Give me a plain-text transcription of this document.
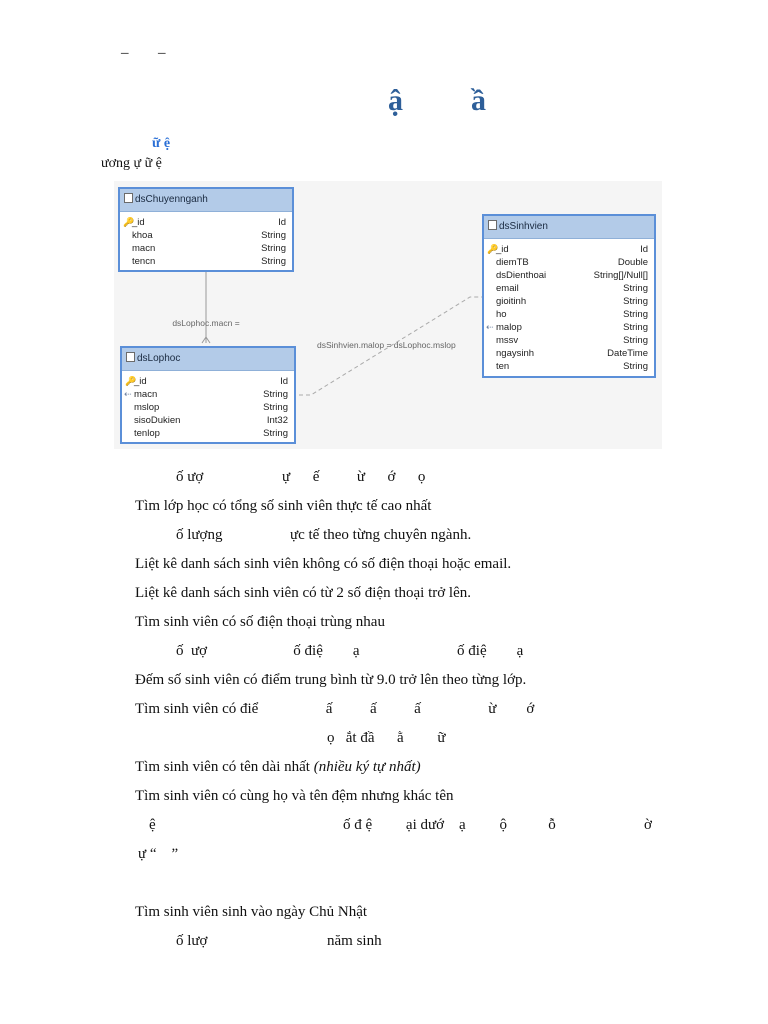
– –
ậ ầ
ữ ệ
ương ự ữ ệ

dsLophoc.macn =

dsSinhvien.malop = dsLophoc.mslop
dsChuyennganh
🔑
_id	Id
khoa	String
macn	String
tencn	String
dsLophoc
🔑
_id	Id
⇠ macn	String
mslop	String
sisoDukien	Int32
tenlop	String
dsSinhvien
🔑
_id	Id
diemTB	Double
dsDienthoai	String[]/Null[]
email	String
gioitinh	String
ho	String
⇠ malop	String
mssv	String
ngaysinh	DateTime
ten	String
ố ượ                     ự      ế          ừ      ớ      ọ
Tìm lớp học có tổng số sinh viên thực tế cao nhất
ố lượng                  ực tế theo từng chuyên ngành.
Liệt kê danh sách sinh viên không có số điện thoại hoặc email.
Liệt kê danh sách sinh viên có từ 2 số điện thoại trở lên.
Tìm sinh viên có số điện thoại trùng nhau
ố  ượ                       ố điệ        ạ                          ố điệ        ạ
Đếm số sinh viên có điểm trung bình từ 9.0 trở lên theo từng lớp.
Tìm sinh viên có điể                  ấ          ấ          ấ                  ừ        ớ
ọ   ắt đầ      ằ         ữ
Tìm sinh viên có tên dài nhất (nhiều ký tự nhất)
Tìm sinh viên có cùng họ và tên đệm nhưng khác tên
ệ	ố đ ệ         ại dướ    ạ         ộ           ỗ	ờ
ự “    ”
Tìm sinh viên sinh vào ngày Chủ Nhật
ố lượ	năm sinh
